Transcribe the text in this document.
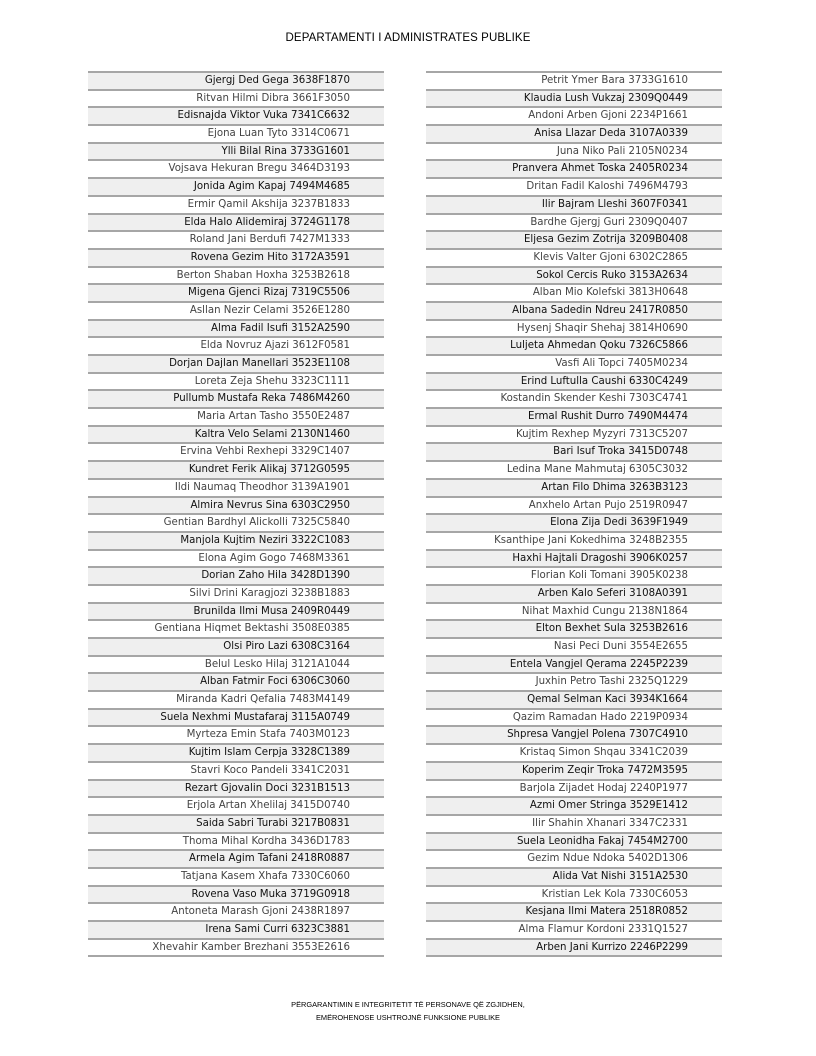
DEPARTAMENTI I ADMINISTRATES PUBLIKE
Gjergj Ded Gega 3638F1870
Ritvan Hilmi Dibra 3661F3050
Edisnajda Viktor Vuka 7341C6632
Ejona Luan Tyto 3314C0671
Ylli Bilal Rina 3733G1601
Vojsava Hekuran Bregu 3464D3193
Jonida Agim Kapaj 7494M4685
Ermir Qamil Akshija 3237B1833
Elda Halo Alidemiraj 3724G1178
Roland Jani Berdufi 7427M1333
Rovena Gezim Hito 3172A3591
Berton Shaban Hoxha 3253B2618
Migena Gjenci Rizaj 7319C5506
Asllan Nezir Celami 3526E1280
Alma Fadil Isufi 3152A2590
Elda Novruz Ajazi 3612F0581
Dorjan Dajlan Manellari 3523E1108
Loreta Zeja Shehu 3323C1111
Pullumb Mustafa Reka 7486M4260
Maria Artan Tasho 3550E2487
Kaltra Velo Selami 2130N1460
Ervina Vehbi Rexhepi 3329C1407
Kundret Ferik Alikaj 3712G0595
Ildi Naumaq Theodhor 3139A1901
Almira Nevrus Sina 6303C2950
Gentian Bardhyl Alickolli 7325C5840
Manjola Kujtim Neziri 3322C1083
Elona Agim Gogo 7468M3361
Dorian Zaho Hila 3428D1390
Silvi Drini Karagjozi 3238B1883
Brunilda Ilmi Musa 2409R0449
Gentiana Hiqmet Bektashi 3508E0385
Olsi Piro Lazi 6308C3164
Belul Lesko Hilaj 3121A1044
Alban Fatmir Foci 6306C3060
Miranda Kadri Qefalia 7483M4149
Suela Nexhmi Mustafaraj 3115A0749
Myrteza Emin Stafa 7403M0123
Kujtim Islam Cerpja 3328C1389
Stavri Koco Pandeli 3341C2031
Rezart Gjovalin Doci 3231B1513
Erjola Artan Xhelilaj 3415D0740
Saida Sabri Turabi 3217B0831
Thoma Mihal Kordha 3436D1783
Armela Agim Tafani 2418R0887
Tatjana Kasem Xhafa 7330C6060
Rovena Vaso Muka 3719G0918
Antoneta Marash Gjoni 2438R1897
Irena Sami Curri 6323C3881
Xhevahir Kamber Brezhani 3553E2616
Petrit Ymer Bara 3733G1610
Klaudia Lush Vukzaj 2309Q0449
Andoni Arben Gjoni 2234P1661
Anisa Llazar Deda 3107A0339
Juna Niko Pali 2105N0234
Pranvera Ahmet Toska 2405R0234
Dritan Fadil Kaloshi 7496M4793
Ilir Bajram Lleshi 3607F0341
Bardhe Gjergj Guri 2309Q0407
Eljesa Gezim Zotrija 3209B0408
Klevis Valter Gjoni 6302C2865
Sokol Cercis Ruko 3153A2634
Alban Mio Kolefski 3813H0648
Albana Sadedin Ndreu 2417R0850
Hysenj Shaqir Shehaj 3814H0690
Luljeta Ahmedan Qoku 7326C5866
Vasfi Ali Topci 7405M0234
Erind Luftulla Caushi 6330C4249
Kostandin Skender Keshi 7303C4741
Ermal Rushit Durro 7490M4474
Kujtim Rexhep Myzyri 7313C5207
Bari Isuf Troka 3415D0748
Ledina Mane Mahmutaj 6305C3032
Artan Filo Dhima 3263B3123
Anxhelo Artan Pujo 2519R0947
Elona Zija Dedi 3639F1949
Ksanthipe Jani Kokedhima 3248B2355
Haxhi Hajtali Dragoshi 3906K0257
Florian Koli Tomani 3905K0238
Arben Kalo Seferi 3108A0391
Nihat Maxhid Cungu 2138N1864
Elton Bexhet Sula 3253B2616
Nasi Peci Duni 3554E2655
Entela Vangjel Qerama 2245P2239
Juxhin Petro Tashi 2325Q1229
Qemal Selman Kaci 3934K1664
Qazim Ramadan Hado 2219P0934
Shpresa Vangjel Polena 7307C4910
Kristaq Simon Shqau 3341C2039
Koperim Zeqir Troka 7472M3595
Barjola Zijadet Hodaj 2240P1977
Azmi Omer Stringa 3529E1412
Ilir Shahin Xhanari 3347C2331
Suela Leonidha Fakaj 7454M2700
Gezim Ndue Ndoka 5402D1306
Alida Vat Nishi 3151A2530
Kristian Lek Kola 7330C6053
Kesjana Ilmi Matera 2518R0852
Alma Flamur Kordoni 2331Q1527
Arben Jani Kurrizo 2246P2299
PËRGARANTIMIN E INTEGRITETIT TË PERSONAVE QË ZGJIDHEN,
EMËROHENOSE USHTROJNË FUNKSIONE PUBLIKE
